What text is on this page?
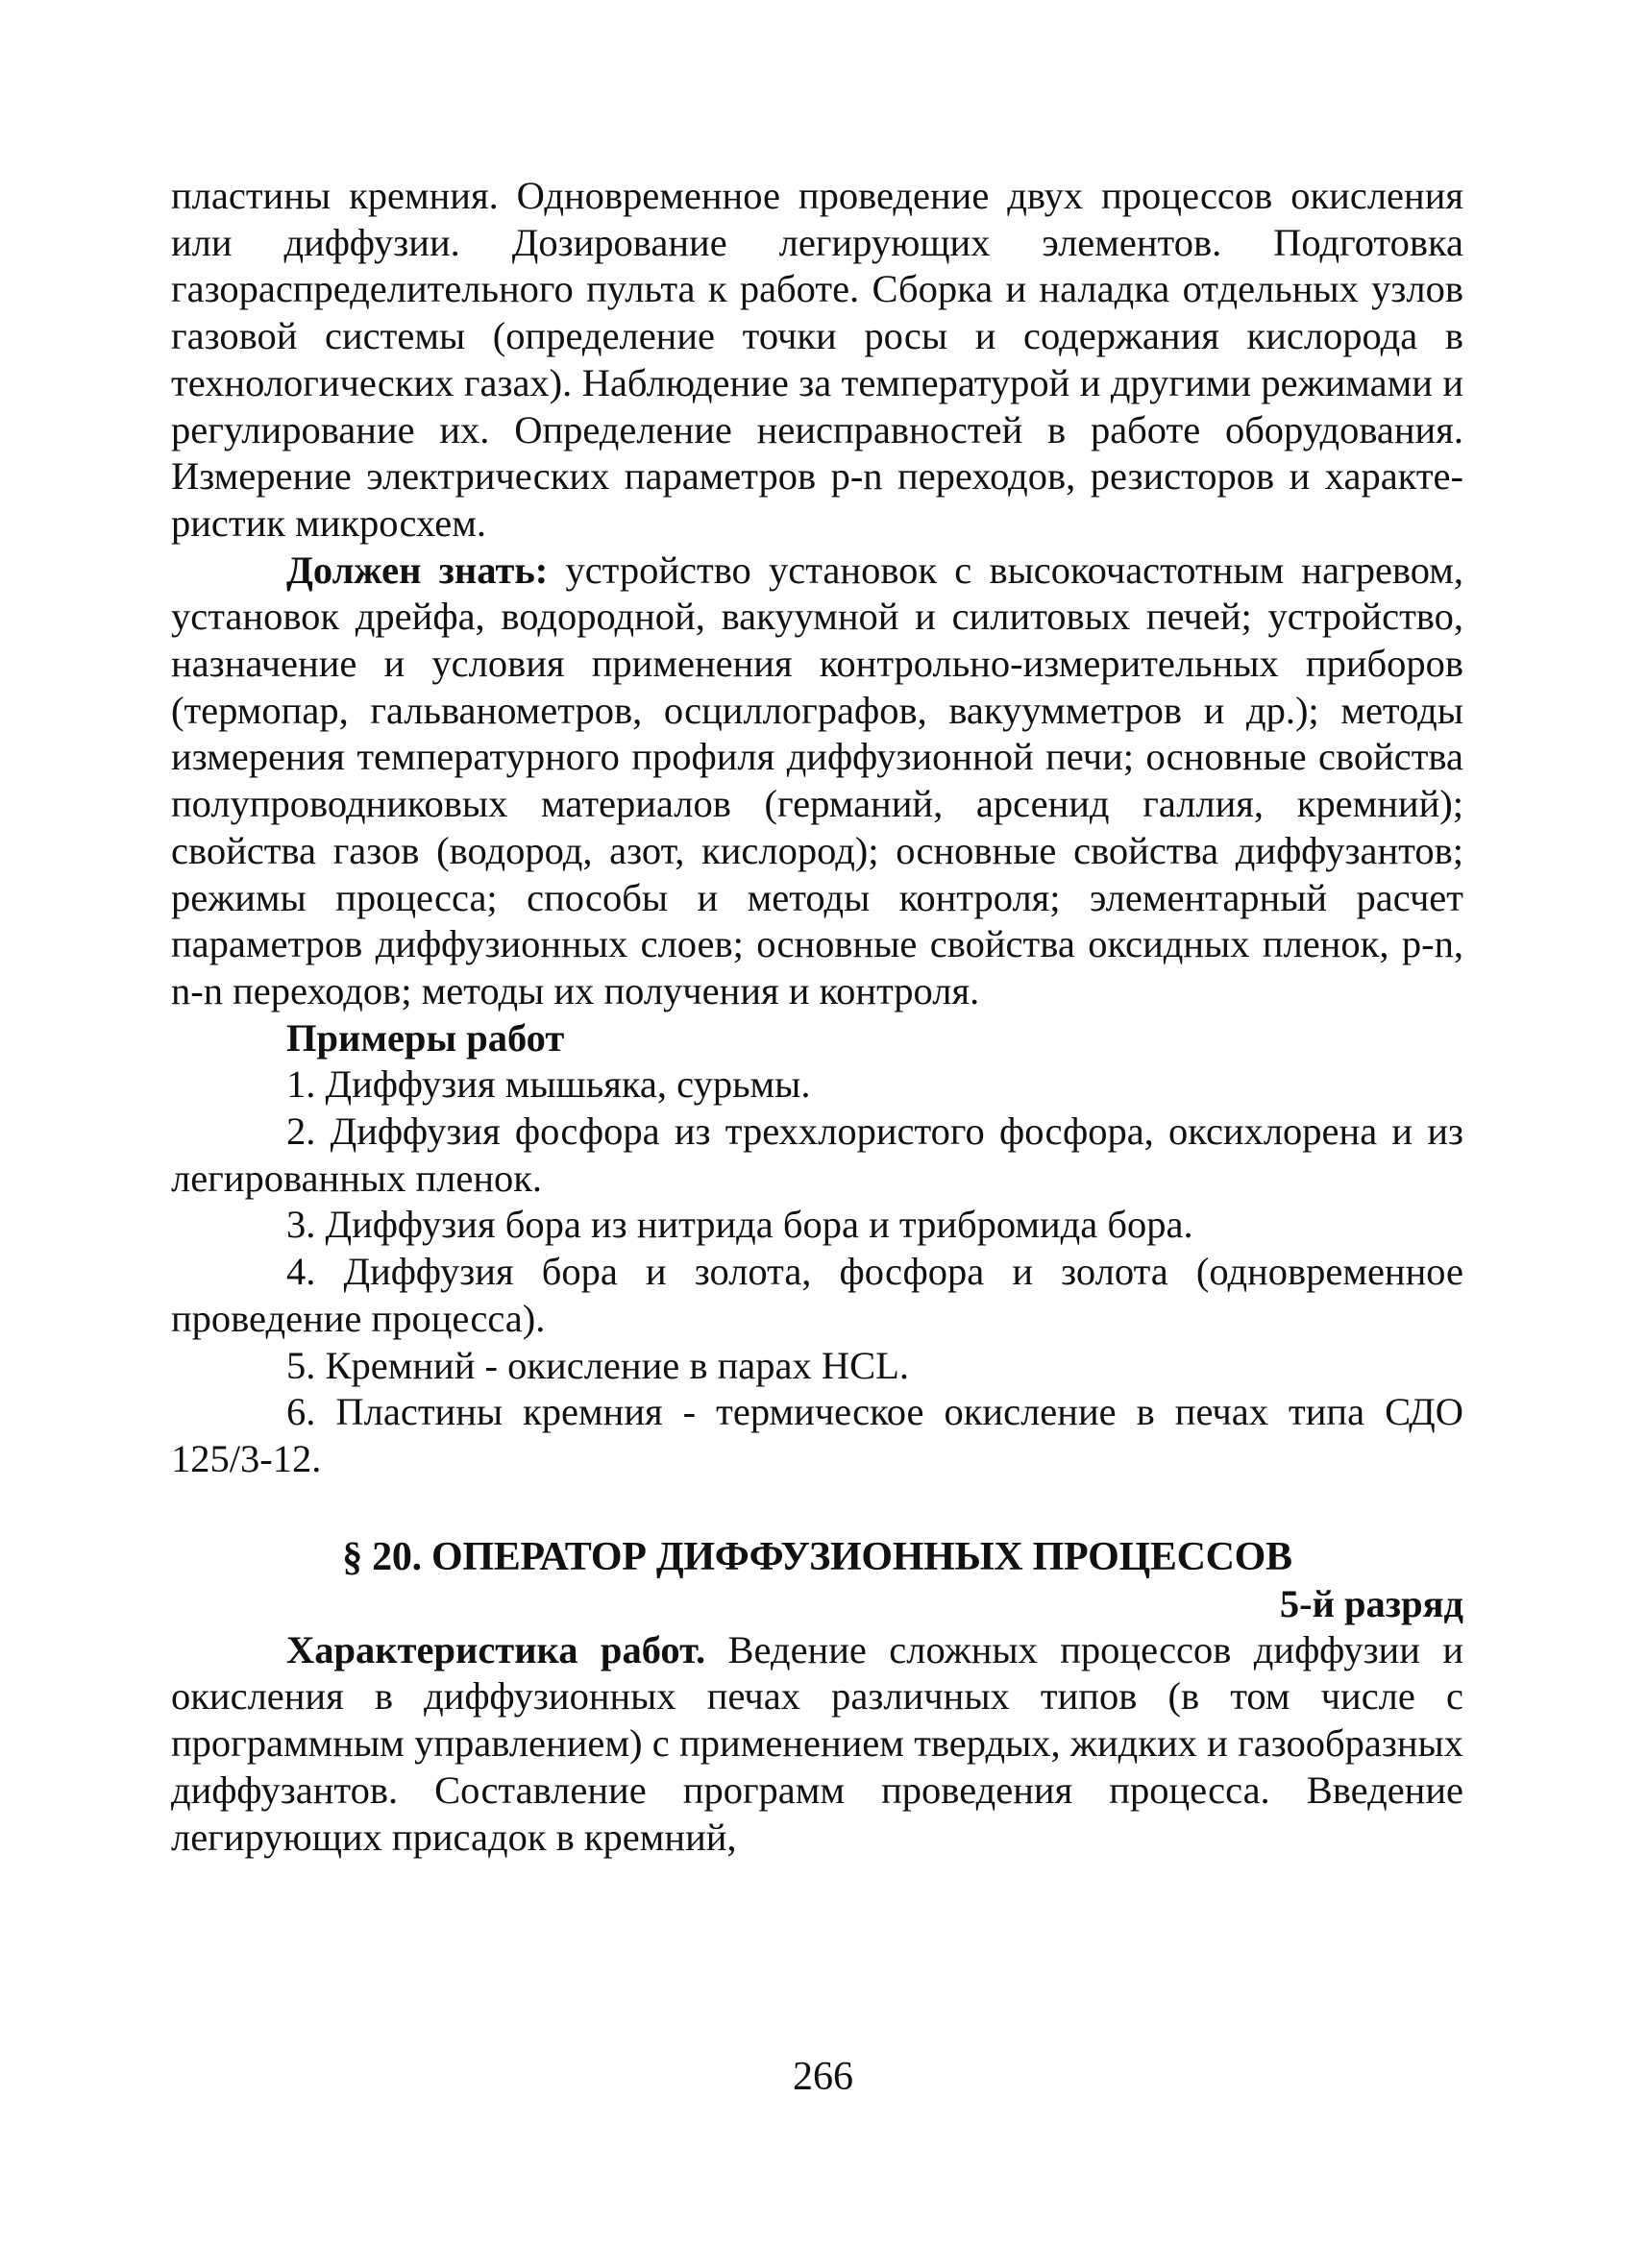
пластины кремния. Одновременное проведение двух процессов окисления или диффузии. Дозирование легирующих элементов. Подготовка газораспределительного пульта к работе. Сборка и наладка отдельных узлов газовой системы (определение точки росы и содержания кислорода в технологических газах). Наблюдение за температурой и другими режимами и регулирование их. Определение неисправностей в работе оборудования. Измерение электрических параметров p-n переходов, резисторов и характеристик микросхем.

Должен знать: устройство установок с высокочастотным нагревом, установок дрейфа, водородной, вакуумной и силитовых печей; устройство, назначение и условия применения контрольно-измерительных приборов (термопар, гальванометров, осциллографов, вакуумметров и др.); методы измерения температурного профиля диффузионной печи; основные свойства полупроводниковых материалов (германий, арсенид галлия, кремний); свойства газов (водород, азот, кислород); основные свойства диффузантов; режимы процесса; способы и методы контроля; элементарный расчет параметров диффузионных слоев; основные свойства оксидных пленок, p-n, n-n переходов; методы их получения и контроля.

Примеры работ

1. Диффузия мышьяка, сурьмы.

2. Диффузия фосфора из треххлористого фосфора, оксихлорена и из легированных пленок.

3. Диффузия бора из нитрида бора и трибромида бора.

4. Диффузия бора и золота, фосфора и золота (одновременное проведение процесса).

5. Кремний - окисление в парах HCL.

6. Пластины кремния - термическое окисление в печах типа СДО 125/3-12.

§ 20. ОПЕРАТОР ДИФФУЗИОННЫХ ПРОЦЕССОВ

5-й разряд

Характеристика работ. Ведение сложных процессов диффузии и окисления в диффузионных печах различных типов (в том числе с программным управлением) с применением твердых, жидких и газообразных диффузантов. Составление программ проведения процесса. Введение легирующих присадок в кремний,

266
